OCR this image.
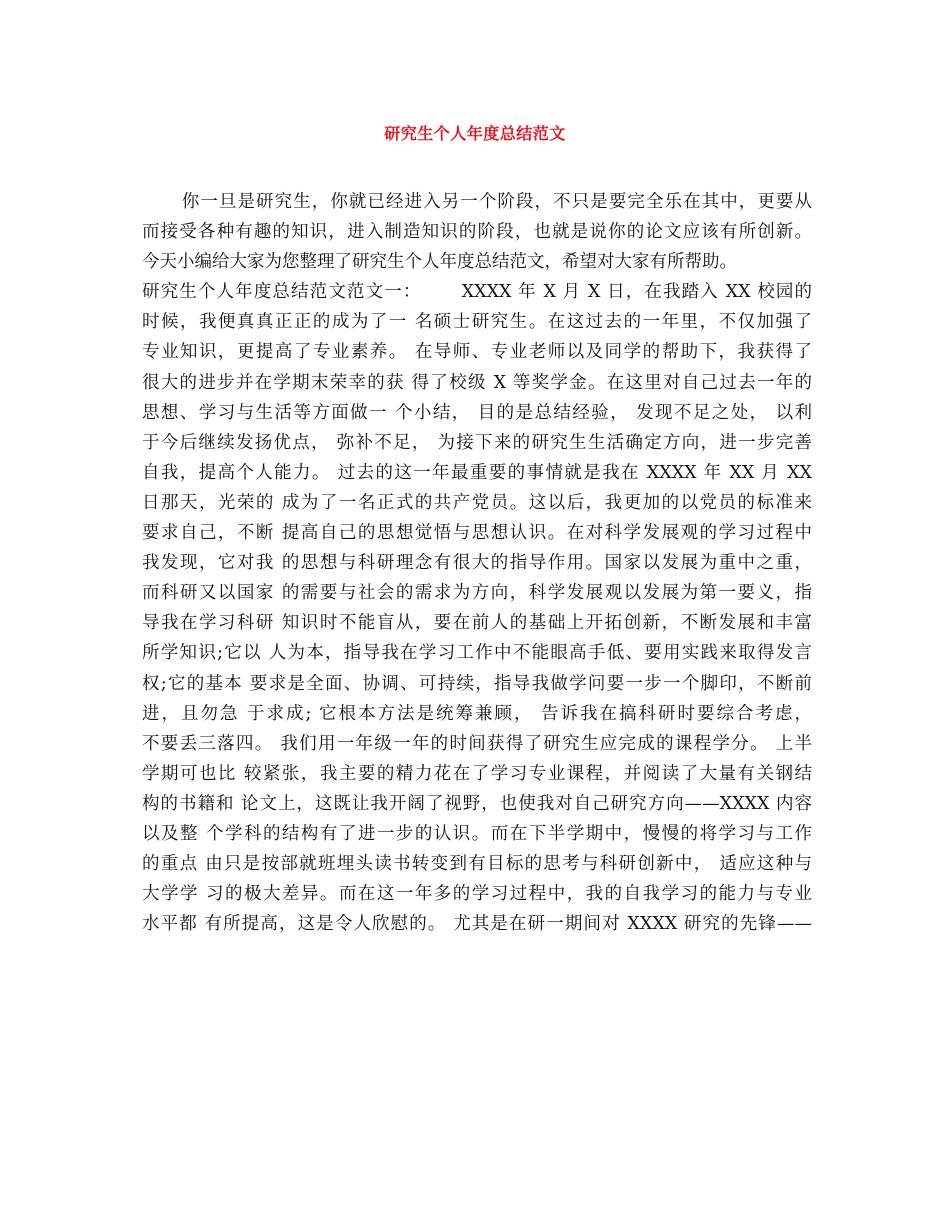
研究生个人年度总结范文
你一旦是研究生，你就已经进入另一个阶段，不只是要完全乐在其中，更要从
而接受各种有趣的知识，进入制造知识的阶段，也就是说你的论文应该有所创新。
今天小编给大家为您整理了研究生个人年度总结范文，希望对大家有所帮助。
研究生个人年度总结范文范文一：      XXXX 年 X 月 X 日，在我踏入 XX 校园的
时候，我便真真正正的成为了一 名硕士研究生。在这过去的一年里，不仅加强了
专业知识，更提高了专业素养。 在导师、专业老师以及同学的帮助下，我获得了
很大的进步并在学期末荣幸的获 得了校级 X 等奖学金。在这里对自己过去一年的
思想、学习与生活等方面做一 个小结， 目的是总结经验， 发现不足之处， 以利
于今后继续发扬优点， 弥补不足， 为接下来的研究生生活确定方向，进一步完善
自我，提高个人能力。 过去的这一年最重要的事情就是我在 XXXX 年 XX 月 XX
日那天，光荣的 成为了一名正式的共产党员。这以后，我更加的以党员的标准来
要求自己，不断 提高自己的思想觉悟与思想认识。在对科学发展观的学习过程中
我发现，它对我 的思想与科研理念有很大的指导作用。国家以发展为重中之重，
而科研又以国家 的需要与社会的需求为方向，科学发展观以发展为第一要义，指
导我在学习科研 知识时不能盲从，要在前人的基础上开拓创新，不断发展和丰富
所学知识;它以 人为本，指导我在学习工作中不能眼高手低、要用实践来取得发言
权;它的基本 要求是全面、协调、可持续，指导我做学问要一步一个脚印，不断前
进，且勿急 于求成; 它根本方法是统筹兼顾， 告诉我在搞科研时要综合考虑，
不要丢三落四。 我们用一年级一年的时间获得了研究生应完成的课程学分。 上半
学期可也比 较紧张，我主要的精力花在了学习专业课程，并阅读了大量有关钢结
构的书籍和 论文上，这既让我开阔了视野，也使我对自己研究方向——XXXX 内容
以及整 个学科的结构有了进一步的认识。而在下半学期中，慢慢的将学习与工作
的重点 由只是按部就班埋头读书转变到有目标的思考与科研创新中， 适应这种与
大学学 习的极大差异。而在这一年多的学习过程中，我的自我学习的能力与专业
水平都 有所提高，这是令人欣慰的。 尤其是在研一期间对 XXXX 研究的先锋——
